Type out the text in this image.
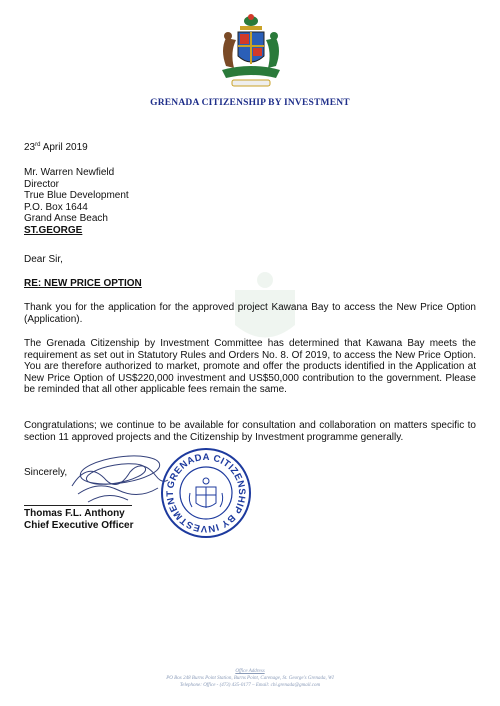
GRENADA CITIZENSHIP BY INVESTMENT
23rd April 2019
Mr. Warren Newfield
Director
True Blue Development
P.O. Box 1644
Grand Anse Beach
ST.GEORGE
Dear Sir,
RE: NEW PRICE OPTION
Thank you for the application for the approved project Kawana Bay to access the New Price Option (Application).
The Grenada Citizenship by Investment Committee has determined that Kawana Bay meets the requirement as set out in Statutory Rules and Orders No. 8. Of 2019, to access the New Price Option. You are therefore authorized to market, promote and offer the products identified in the Application at New Price Option of US$220,000 investment and US$50,000 contribution to the government. Please be reminded that all other applicable fees remain the same.
Congratulations; we continue to be available for consultation and collaboration on matters specific to section 11 approved projects and the Citizenship by Investment programme generally.
Sincerely,
Thomas F.L. Anthony
Chief Executive Officer
GRENADA CITIZENSHIP BY INVESTMENT
Office Address
PO Box 248 Burns Point Station, Burns Point, Carenage, St. George's Grenada, WI
Telephone: Office - (473) 435-0177 – Email: cbi.grenada@gmail.com
